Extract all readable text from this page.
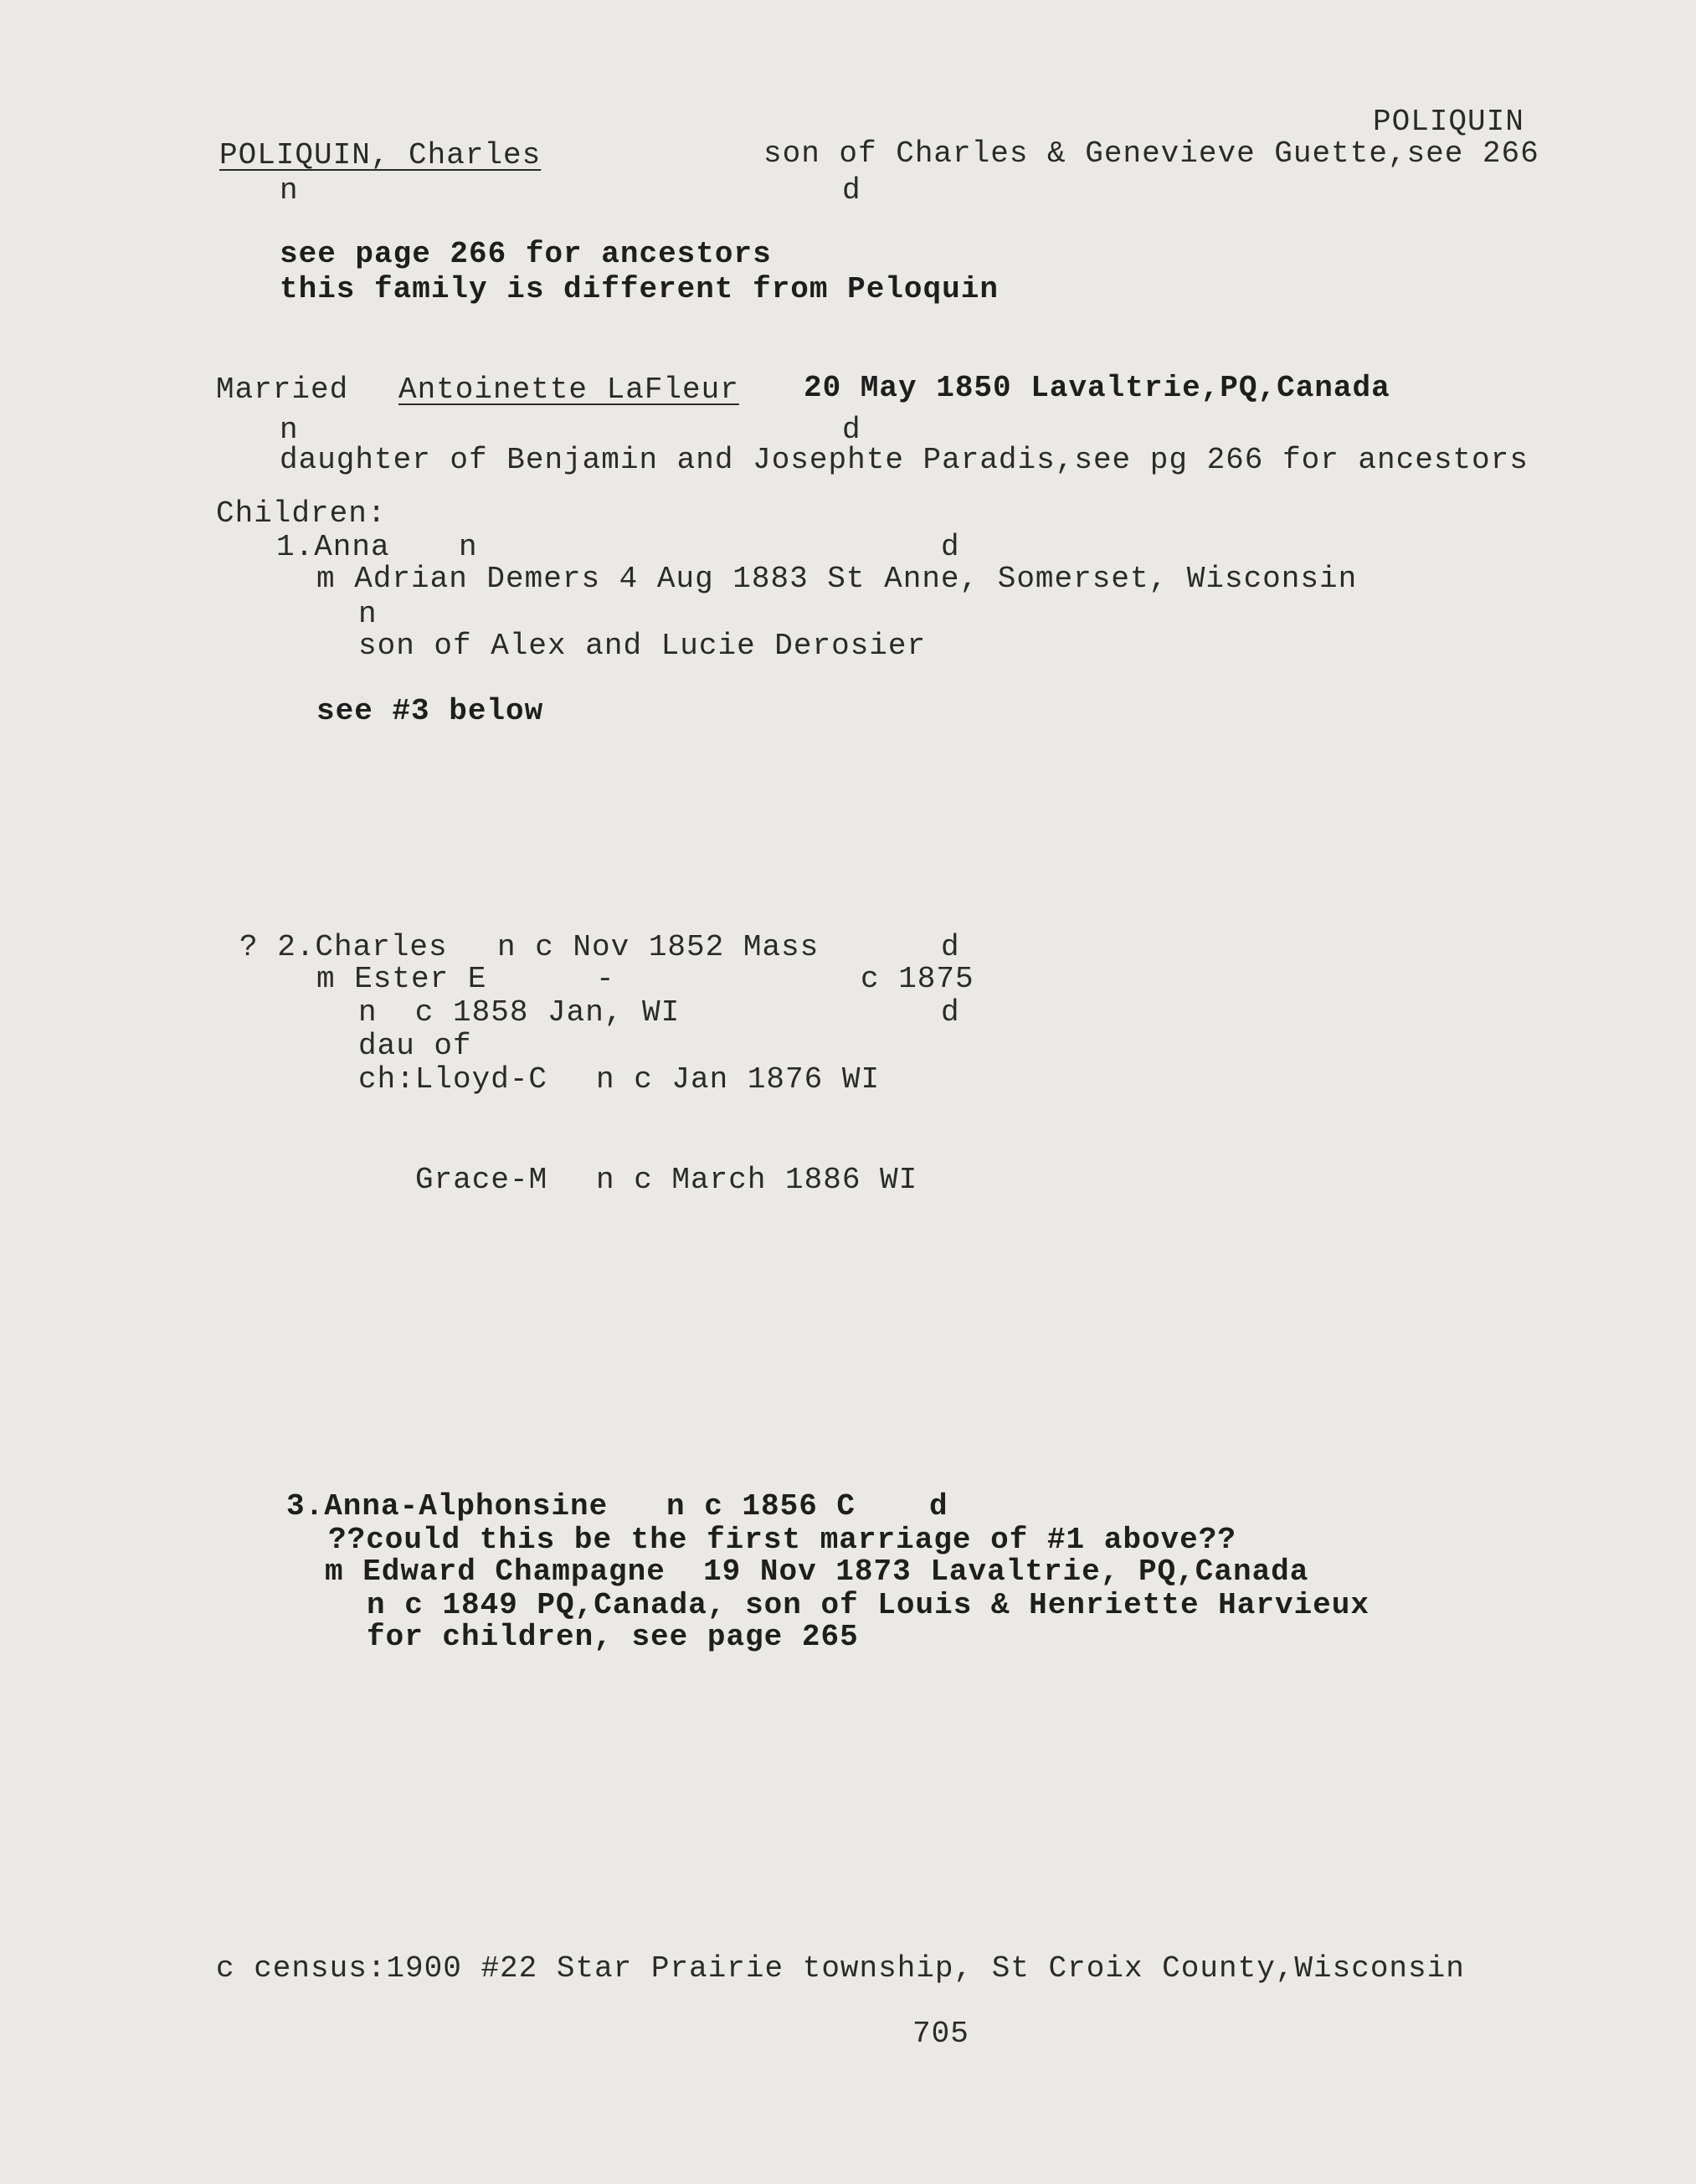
POLIQUIN
POLIQUIN, Charles	son of Charles & Genevieve Guette,see 266
n	d
see page 266 for ancestors
this family is different from Peloquin
Married Antoinette LaFleur 20 May 1850 Lavaltrie,PQ,Canada
n	d
daughter of Benjamin and Josephte Paradis,see pg 266 for ancestors
Children:
1.Anna n	d
m Adrian Demers 4 Aug 1883 St Anne, Somerset, Wisconsin
n
son of Alex and Lucie Derosier
see #3 below
? 2.Charles n c Nov 1852 Mass	d
m Ester E	-	c 1875
n  c 1858 Jan, WI	d
dau of
ch:Lloyd-C n c Jan 1876 WI
Grace-M n c March 1886 WI
3.Anna-Alphonsine n c 1856 C d
??could this be the first marriage of #1 above??
m Edward Champagne  19 Nov 1873 Lavaltrie, PQ,Canada
n c 1849 PQ,Canada, son of Louis & Henriette Harvieux
for children, see page 265
c census:1900 #22 Star Prairie township, St Croix County,Wisconsin
705
